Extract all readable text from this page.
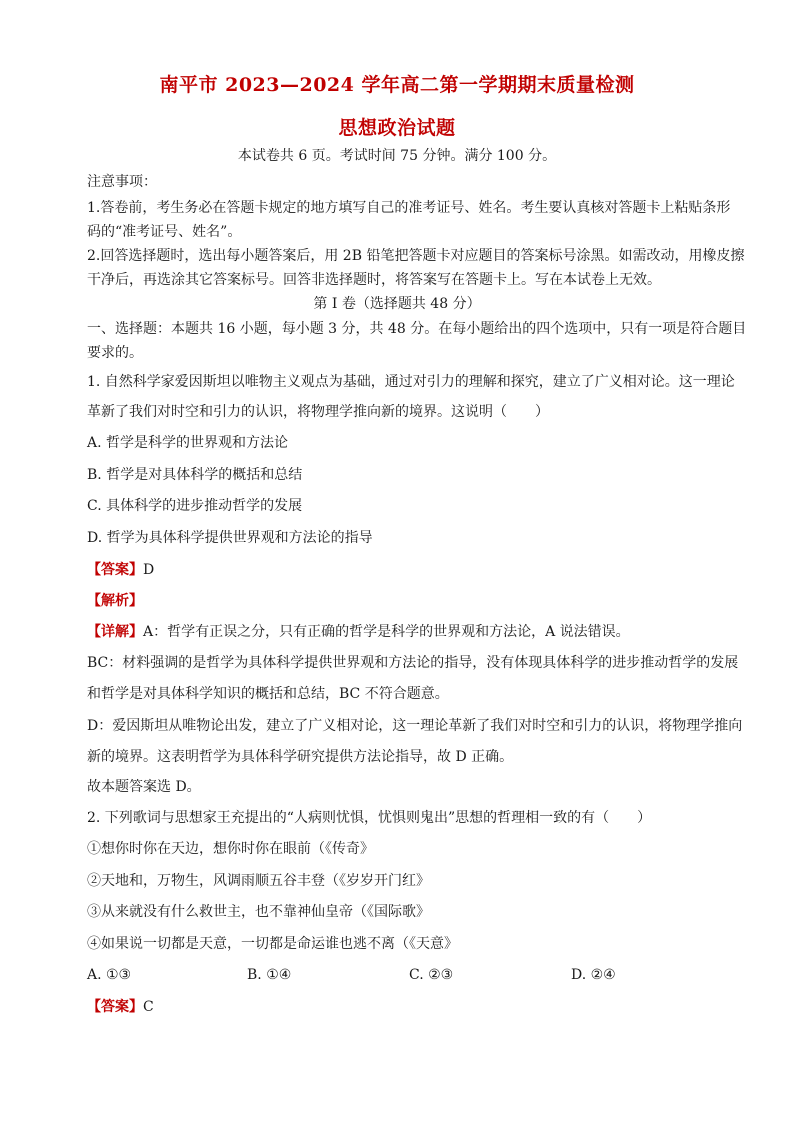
南平市 2023—2024 学年高二第一学期期末质量检测
思想政治试题
本试卷共 6 页。考试时间 75 分钟。满分 100 分。
注意事项：
1.答卷前，考生务必在答题卡规定的地方填写自己的准考证号、姓名。考生要认真核对答题卡上粘贴条形
码的“准考证号、姓名”。
2.回答选择题时，选出每小题答案后，用 2B 铅笔把答题卡对应题目的答案标号涂黑。如需改动，用橡皮擦
干净后，再选涂其它答案标号。回答非选择题时，将答案写在答题卡上。写在本试卷上无效。
第 I 卷（选择题共 48 分）
一、选择题：本题共 16 小题，每小题 3 分，共 48 分。在每小题给出的四个选项中，只有一项是符合题目
要求的。
1. 自然科学家爱因斯坦以唯物主义观点为基础，通过对引力的理解和探究，建立了广义相对论。这一理论
革新了我们对时空和引力的认识，将物理学推向新的境界。这说明（　　）
A. 哲学是科学的世界观和方法论
B. 哲学是对具体科学的概括和总结
C. 具体科学的进步推动哲学的发展
D. 哲学为具体科学提供世界观和方法论的指导
【答案】D
【解析】
【详解】A：哲学有正误之分，只有正确的哲学是科学的世界观和方法论，A 说法错误。
BC：材料强调的是哲学为具体科学提供世界观和方法论的指导，没有体现具体科学的进步推动哲学的发展
和哲学是对具体科学知识的概括和总结，BC 不符合题意。
D：爱因斯坦从唯物论出发，建立了广义相对论，这一理论革新了我们对时空和引力的认识，将物理学推向
新的境界。这表明哲学为具体科学研究提供方法论指导，故 D 正确。
故本题答案选 D。
2. 下列歌词与思想家王充提出的“人病则忧惧，忧惧则鬼出”思想的哲理相一致的有（　　）
①想你时你在天边，想你时你在眼前（《传奇》
②天地和，万物生，风调雨顺五谷丰登（《岁岁开门红》
③从来就没有什么救世主，也不靠神仙皇帝（《国际歌》
④如果说一切都是天意，一切都是命运谁也逃不离（《天意》
A. ①③	B. ①④	C. ②③	D. ②④
【答案】C
